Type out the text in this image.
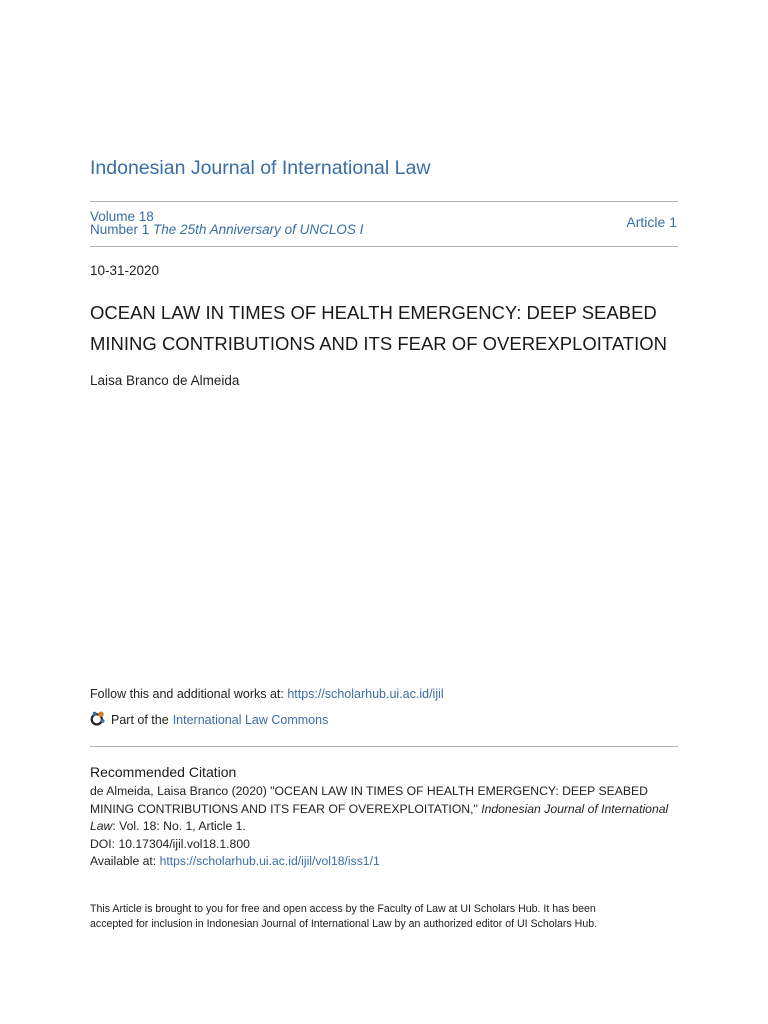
Indonesian Journal of International Law
Volume 18
Number 1 The 25th Anniversary of UNCLOS I	Article 1
10-31-2020
OCEAN LAW IN TIMES OF HEALTH EMERGENCY: DEEP SEABED
MINING CONTRIBUTIONS AND ITS FEAR OF OVEREXPLOITATION
Laisa Branco de Almeida
Follow this and additional works at: https://scholarhub.ui.ac.id/ijil
Part of the International Law Commons
Recommended Citation
de Almeida, Laisa Branco (2020) "OCEAN LAW IN TIMES OF HEALTH EMERGENCY: DEEP SEABED
MINING CONTRIBUTIONS AND ITS FEAR OF OVEREXPLOITATION," Indonesian Journal of International
Law: Vol. 18: No. 1, Article 1.
DOI: 10.17304/ijil.vol18.1.800
Available at: https://scholarhub.ui.ac.id/ijil/vol18/iss1/1
This Article is brought to you for free and open access by the Faculty of Law at UI Scholars Hub. It has been
accepted for inclusion in Indonesian Journal of International Law by an authorized editor of UI Scholars Hub.
